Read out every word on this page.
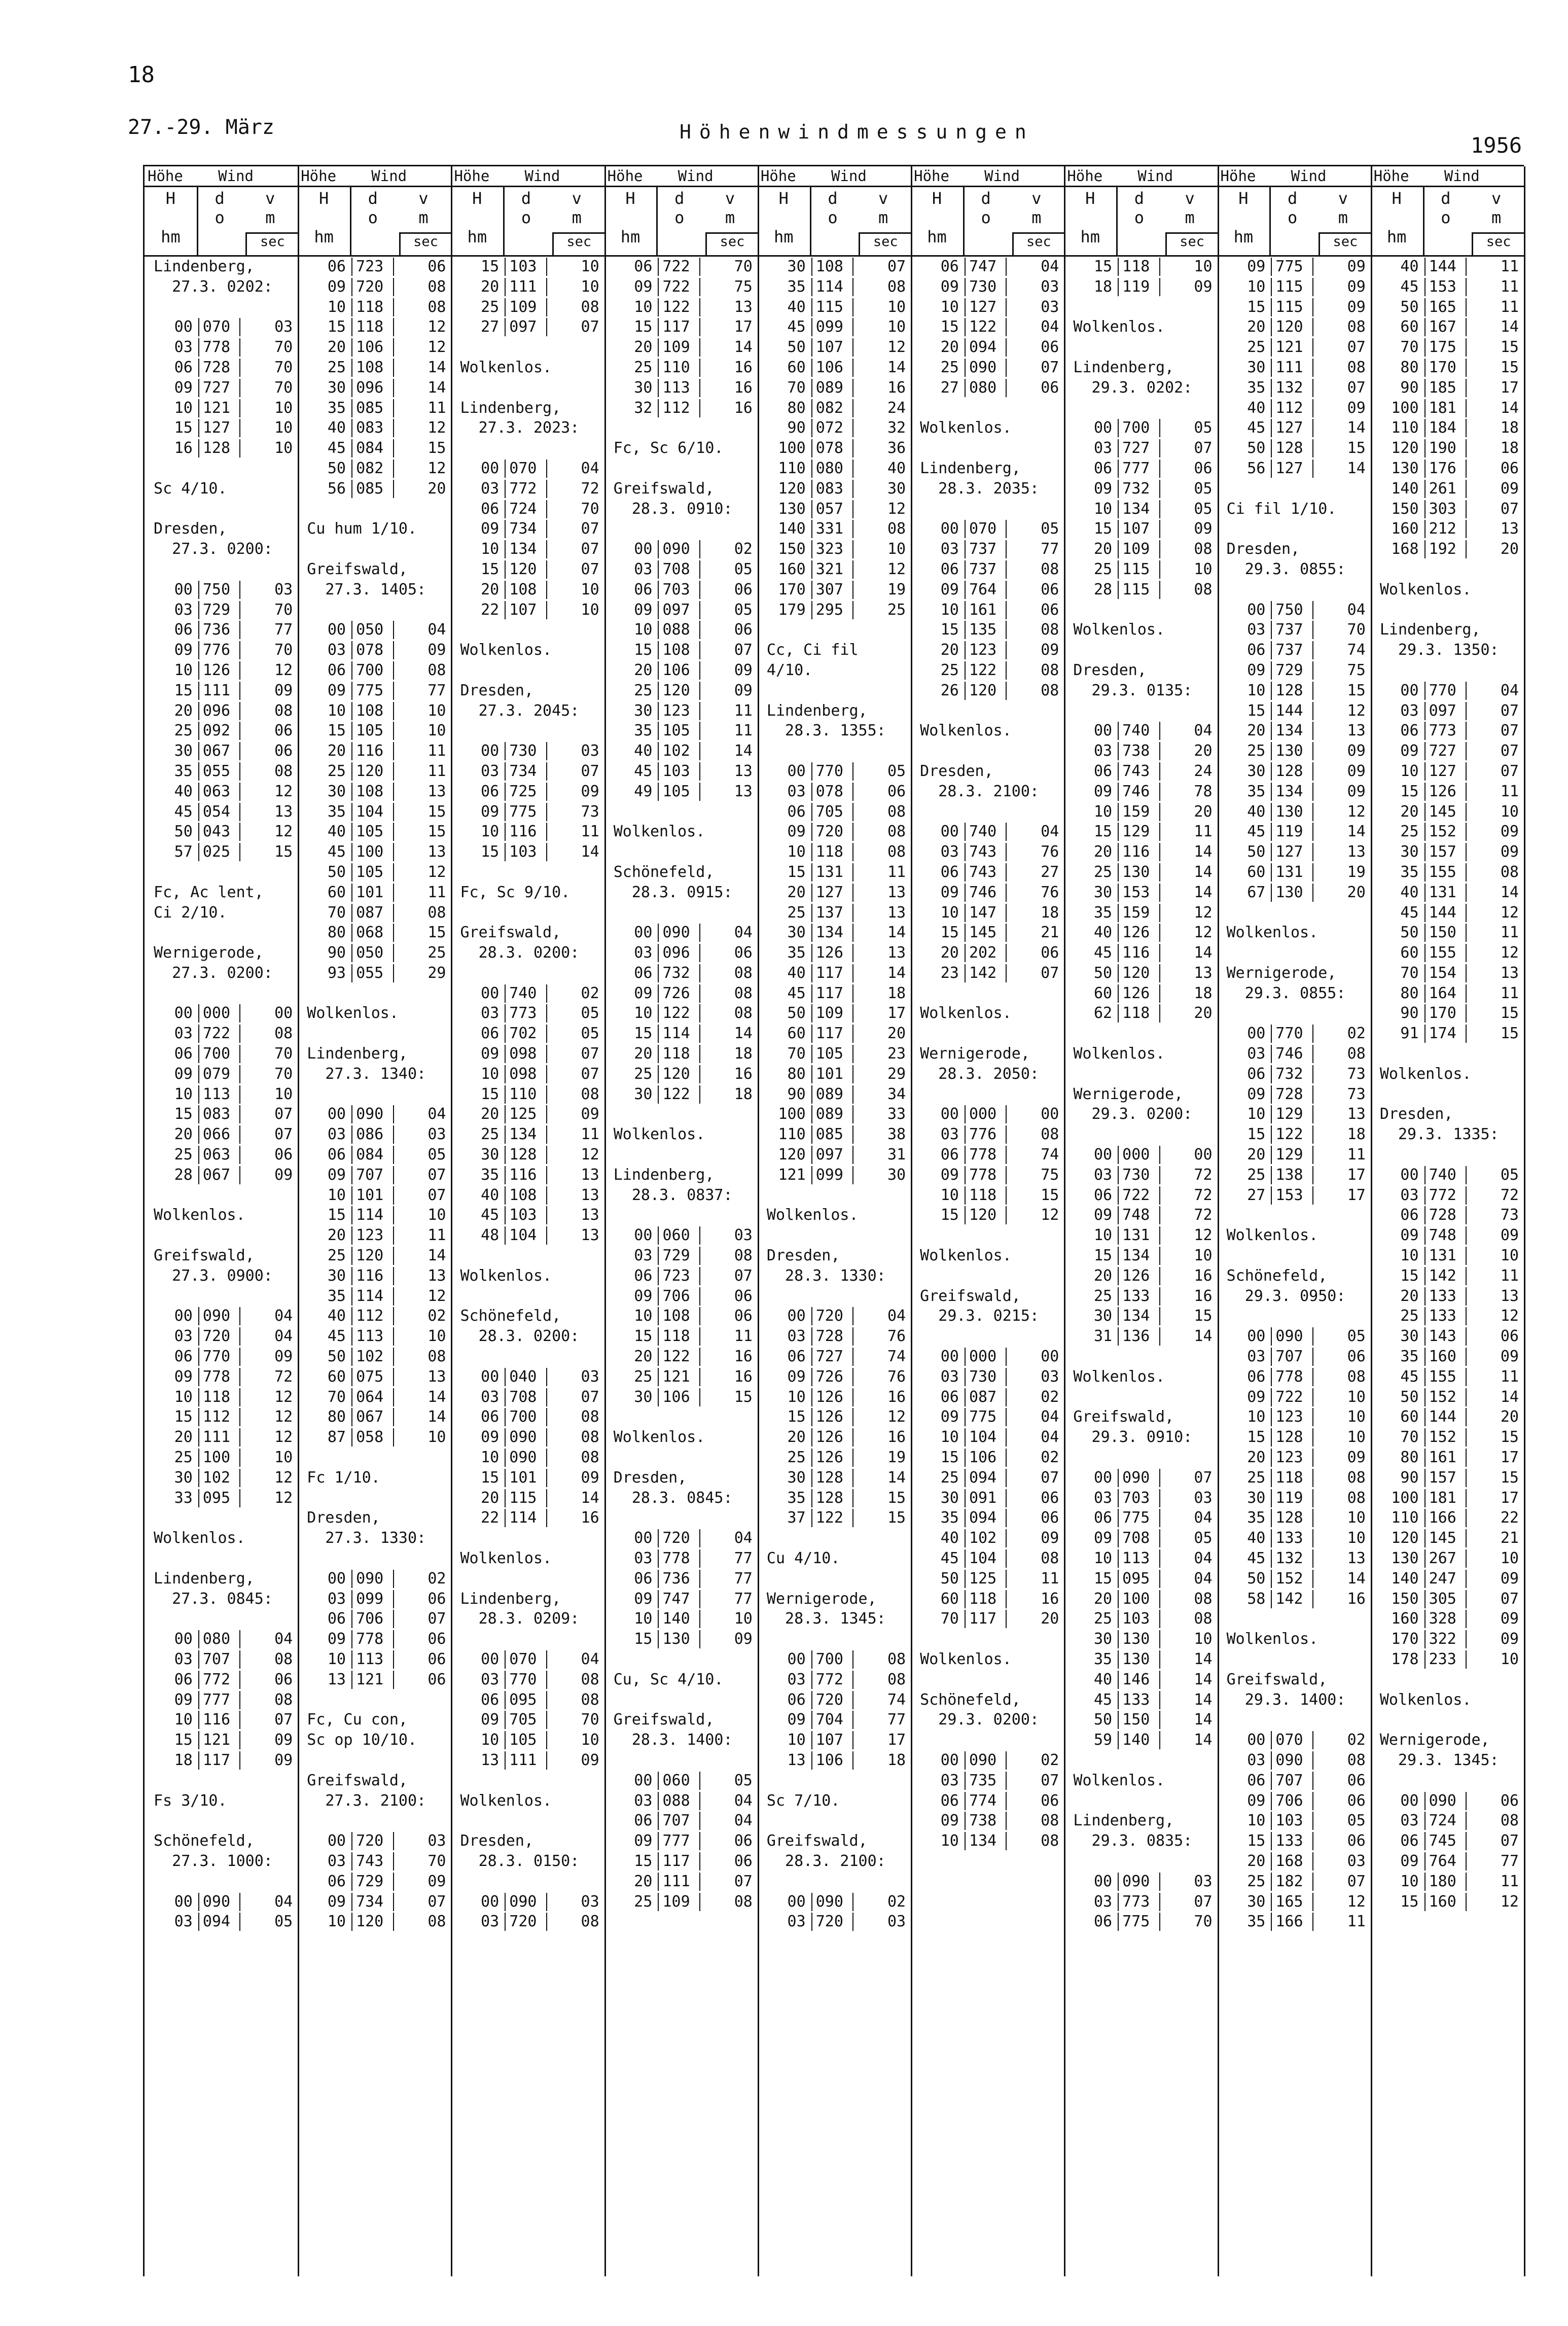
18
27.-29. März	Höhenwindmessungen
1956
Höhe Wind
H

hm
d
o
v
m
sec
Lindenberg,
27.3. 0202:

00 070	03
03 778	70
06 728	70
09 727	70
10 121	10
15 127	10
16 128	10

Sc 4/10.

Dresden,
27.3. 0200:

00 750	03
03 729	70
06 736	77
09 776	70
10 126	12
15 111	09
20 096	08
25 092	06
30 067	06
35 055	08
40 063	12
45 054	13
50 043	12
57 025	15

Fc, Ac lent,
Ci 2/10.

Wernigerode,
27.3. 0200:

00 000	00
03 722	08
06 700	70
09 079	70
10 113	10
15 083	07
20 066	07
25 063	06
28 067	09

Wolkenlos.

Greifswald,
27.3. 0900:

00 090	04
03 720	04
06 770	09
09 778	72
10 118	12
15 112	12
20 111	12
25 100	10
30 102	12
33 095	12

Wolkenlos.

Lindenberg,
27.3. 0845:

00 080	04
03 707	08
06 772	06
09 777	08
10 116	07
15 121	09
18 117	09

Fs 3/10.

Schönefeld,
27.3. 1000:

00 090	04
03 094	05
Höhe Wind
H

hm
d
o
v
m
sec
06 723	06
09 720	08
10 118	08
15 118	12
20 106	12
25 108	14
30 096	14
35 085	11
40 083	12
45 084	15
50 082	12
56 085	20

Cu hum 1/10.

Greifswald,
27.3. 1405:

00 050	04
03 078	09
06 700	08
09 775	77
10 108	10
15 105	10
20 116	11
25 120	11
30 108	13
35 104	15
40 105	15
45 100	13
50 105	12
60 101	11
70 087	08
80 068	15
90 050	25
93 055	29

Wolkenlos.

Lindenberg,
27.3. 1340:

00 090	04
03 086	03
06 084	05
09 707	07
10 101	07
15 114	10
20 123	11
25 120	14
30 116	13
35 114	12
40 112	02
45 113	10
50 102	08
60 075	13
70 064	14
80 067	14
87 058	10

Fc 1/10.

Dresden,
27.3. 1330:

00 090	02
03 099	06
06 706	07
09 778	06
10 113	06
13 121	06

Fc, Cu con,
Sc op 10/10.

Greifswald,
27.3. 2100:

00 720	03
03 743	70
06 729	09
09 734	07
10 120	08
Höhe Wind
H

hm
d
o
v
m
sec
15 103	10
20 111	10
25 109	08
27 097	07

Wolkenlos.

Lindenberg,
27.3. 2023:

00 070	04
03 772	72
06 724	70
09 734	07
10 134	07
15 120	07
20 108	10
22 107	10

Wolkenlos.

Dresden,
27.3. 2045:

00 730	03
03 734	07
06 725	09
09 775	73
10 116	11
15 103	14

Fc, Sc 9/10.

Greifswald,
28.3. 0200:

00 740	02
03 773	05
06 702	05
09 098	07
10 098	07
15 110	08
20 125	09
25 134	11
30 128	12
35 116	13
40 108	13
45 103	13
48 104	13

Wolkenlos.

Schönefeld,
28.3. 0200:

00 040	03
03 708	07
06 700	08
09 090	08
10 090	08
15 101	09
20 115	14
22 114	16

Wolkenlos.

Lindenberg,
28.3. 0209:

00 070	04
03 770	08
06 095	08
09 705	70
10 105	10
13 111	09

Wolkenlos.

Dresden,
28.3. 0150:

00 090	03
03 720	08
Höhe Wind
H

hm
d
o
v
m
sec
06 722	70
09 722	75
10 122	13
15 117	17
20 109	14
25 110	16
30 113	16
32 112	16

Fc, Sc 6/10.

Greifswald,
28.3. 0910:

00 090	02
03 708	05
06 703	06
09 097	05
10 088	06
15 108	07
20 106	09
25 120	09
30 123	11
35 105	11
40 102	14
45 103	13
49 105	13

Wolkenlos.

Schönefeld,
28.3. 0915:

00 090	04
03 096	06
06 732	08
09 726	08
10 122	08
15 114	14
20 118	18
25 120	16
30 122	18

Wolkenlos.

Lindenberg,
28.3. 0837:

00 060	03
03 729	08
06 723	07
09 706	06
10 108	06
15 118	11
20 122	16
25 121	16
30 106	15

Wolkenlos.

Dresden,
28.3. 0845:

00 720	04
03 778	77
06 736	77
09 747	77
10 140	10
15 130	09

Cu, Sc 4/10.

Greifswald,
28.3. 1400:

00 060	05
03 088	04
06 707	04
09 777	06
15 117	06
20 111	07
25 109	08
Höhe Wind
H

hm
d
o
v
m
sec
30 108	07
35 114	08
40 115	10
45 099	10
50 107	12
60 106	14
70 089	16
80 082	24
90 072	32
100 078	36
110 080	40
120 083	30
130 057	12
140 331	08
150 323	10
160 321	12
170 307	19
179 295	25

Cc, Ci fil
4/10.

Lindenberg,
28.3. 1355:

00 770	05
03 078	06
06 705	08
09 720	08
10 118	08
15 131	11
20 127	13
25 137	13
30 134	14
35 126	13
40 117	14
45 117	18
50 109	17
60 117	20
70 105	23
80 101	29
90 089	34
100 089	33
110 085	38
120 097	31
121 099	30

Wolkenlos.

Dresden,
28.3. 1330:

00 720	04
03 728	76
06 727	74
09 726	76
10 126	16
15 126	12
20 126	16
25 126	19
30 128	14
35 128	15
37 122	15

Cu 4/10.

Wernigerode,
28.3. 1345:

00 700	08
03 772	08
06 720	74
09 704	77
10 107	17
13 106	18

Sc 7/10.

Greifswald,
28.3. 2100:

00 090	02
03 720	03
Höhe Wind
H

hm
d
o
v
m
sec
06 747	04
09 730	03
10 127	03
15 122	04
20 094	06
25 090	07
27 080	06

Wolkenlos.

Lindenberg,
28.3. 2035:

00 070	05
03 737	77
06 737	08
09 764	06
10 161	06
15 135	08
20 123	09
25 122	08
26 120	08

Wolkenlos.

Dresden,
28.3. 2100:

00 740	04
03 743	76
06 743	27
09 746	76
10 147	18
15 145	21
20 202	06
23 142	07

Wolkenlos.

Wernigerode,
28.3. 2050:

00 000	00
03 776	08
06 778	74
09 778	75
10 118	15
15 120	12

Wolkenlos.

Greifswald,
29.3. 0215:

00 000	00
03 730	03
06 087	02
09 775	04
10 104	04
15 106	02
25 094	07
30 091	06
35 094	06
40 102	09
45 104	08
50 125	11
60 118	16
70 117	20

Wolkenlos.

Schönefeld,
29.3. 0200:

00 090	02
03 735	07
06 774	06
09 738	08
10 134	08
Höhe Wind
H

hm
d
o
v
m
sec
15 118	10
18 119	09

Wolkenlos.

Lindenberg,
29.3. 0202:

00 700	05
03 727	07
06 777	06
09 732	05
10 134	05
15 107	09
20 109	08
25 115	10
28 115	08

Wolkenlos.

Dresden,
29.3. 0135:

00 740	04
03 738	20
06 743	24
09 746	78
10 159	20
15 129	11
20 116	14
25 130	14
30 153	14
35 159	12
40 126	12
45 116	14
50 120	13
60 126	18
62 118	20

Wolkenlos.

Wernigerode,
29.3. 0200:

00 000	00
03 730	72
06 722	72
09 748	72
10 131	12
15 134	10
20 126	16
25 133	16
30 134	15
31 136	14

Wolkenlos.

Greifswald,
29.3. 0910:

00 090	07
03 703	03
06 775	04
09 708	05
10 113	04
15 095	04
20 100	08
25 103	08
30 130	10
35 130	14
40 146	14
45 133	14
50 150	14
59 140	14

Wolkenlos.

Lindenberg,
29.3. 0835:

00 090	03
03 773	07
06 775	70
Höhe Wind
H

hm
d
o
v
m
sec
09 775	09
10 115	09
15 115	09
20 120	08
25 121	07
30 111	08
35 132	07
40 112	09
45 127	14
50 128	15
56 127	14

Ci fil 1/10.

Dresden,
29.3. 0855:

00 750	04
03 737	70
06 737	74
09 729	75
10 128	15
15 144	12
20 134	13
25 130	09
30 128	09
35 134	09
40 130	12
45 119	14
50 127	13
60 131	19
67 130	20

Wolkenlos.

Wernigerode,
29.3. 0855:

00 770	02
03 746	08
06 732	73
09 728	73
10 129	13
15 122	18
20 129	11
25 138	17
27 153	17

Wolkenlos.

Schönefeld,
29.3. 0950:

00 090	05
03 707	06
06 778	08
09 722	10
10 123	10
15 128	10
20 123	09
25 118	08
30 119	08
35 128	10
40 133	10
45 132	13
50 152	14
58 142	16

Wolkenlos.

Greifswald,
29.3. 1400:

00 070	02
03 090	08
06 707	06
09 706	06
10 103	05
15 133	06
20 168	03
25 182	07
30 165	12
35 166	11
Höhe Wind
H

hm
d
o
v
m
sec
40 144	11
45 153	11
50 165	11
60 167	14
70 175	15
80 170	15
90 185	17
100 181	14
110 184	18
120 190	18
130 176	06
140 261	09
150 303	07
160 212	13
168 192	20

Wolkenlos.

Lindenberg,
29.3. 1350:

00 770	04
03 097	07
06 773	07
09 727	07
10 127	07
15 126	11
20 145	10
25 152	09
30 157	09
35 155	08
40 131	14
45 144	12
50 150	11
60 155	12
70 154	13
80 164	11
90 170	15
91 174	15

Wolkenlos.

Dresden,
29.3. 1335:

00 740	05
03 772	72
06 728	73
09 748	09
10 131	10
15 142	11
20 133	13
25 133	12
30 143	06
35 160	09
45 155	11
50 152	14
60 144	20
70 152	15
80 161	17
90 157	15
100 181	17
110 166	22
120 145	21
130 267	10
140 247	09
150 305	07
160 328	09
170 322	09
178 233	10

Wolkenlos.

Wernigerode,
29.3. 1345:

00 090	06
03 724	08
06 745	07
09 764	77
10 180	11
15 160	12
